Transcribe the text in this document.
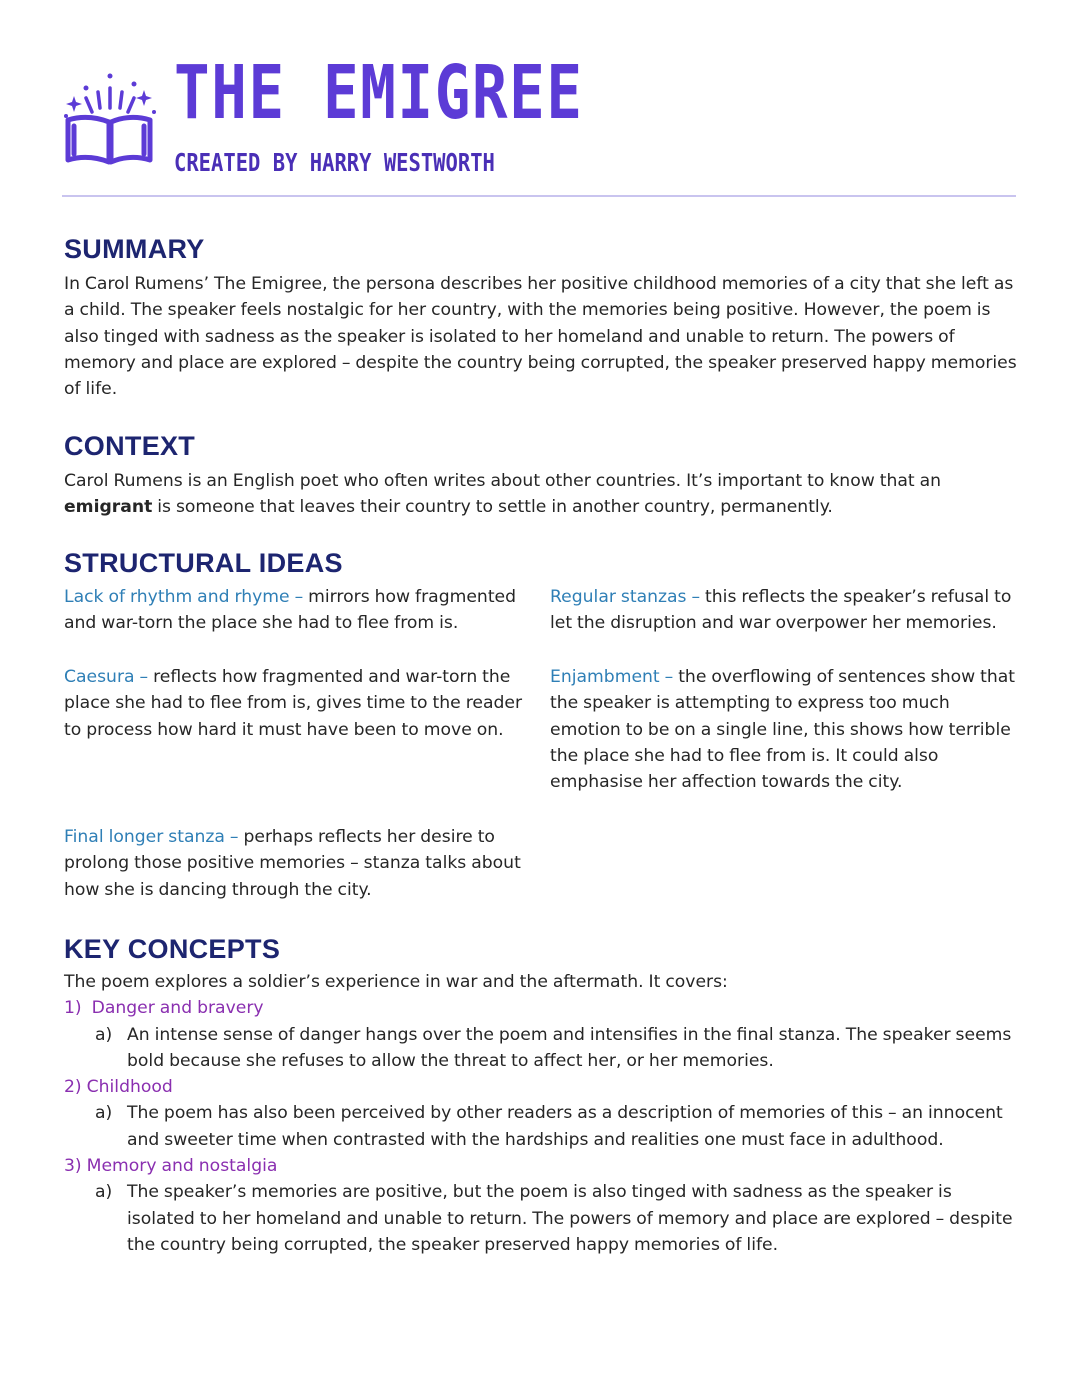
THE EMIGREE
CREATED BY HARRY WESTWORTH
SUMMARY

In Carol Rumens’ The Emigree, the persona describes her positive childhood memories of a city that she left as a child. The speaker feels nostalgic for her country, with the memories being positive. However, the poem is also tinged with sadness as the speaker is isolated to her homeland and unable to return. The powers of memory and place are explored – despite the country being corrupted, the speaker preserved happy memories of life.

CONTEXT

Carol Rumens is an English poet who often writes about other countries. It’s important to know that an emigrant is someone that leaves their country to settle in another country, permanently.

STRUCTURAL IDEAS

Lack of rhythm and rhyme – mirrors how fragmented and war-torn the place she had to flee from is.

Caesura – reflects how fragmented and war-torn the place she had to flee from is, gives time to the reader to process how hard it must have been to move on.

Final longer stanza – perhaps reflects her desire to prolong those positive memories – stanza talks about how she is dancing through the city.

Regular stanzas – this reflects the speaker’s refusal to let the disruption and war overpower her memories.

Enjambment – the overflowing of sentences show that the speaker is attempting to express too much emotion to be on a single line, this shows how terrible the place she had to flee from is. It could also emphasise her affection towards the city.

KEY CONCEPTS

The poem explores a soldier’s experience in war and the aftermath. It covers:

1) Danger and bravery

a) An intense sense of danger hangs over the poem and intensifies in the final stanza. The speaker seems bold because she refuses to allow the threat to affect her, or her memories.

2) Childhood

a) The poem has also been perceived by other readers as a description of memories of this – an innocent and sweeter time when contrasted with the hardships and realities one must face in adulthood.

3) Memory and nostalgia

a) The speaker’s memories are positive, but the poem is also tinged with sadness as the speaker is isolated to her homeland and unable to return. The powers of memory and place are explored – despite the country being corrupted, the speaker preserved happy memories of life.
